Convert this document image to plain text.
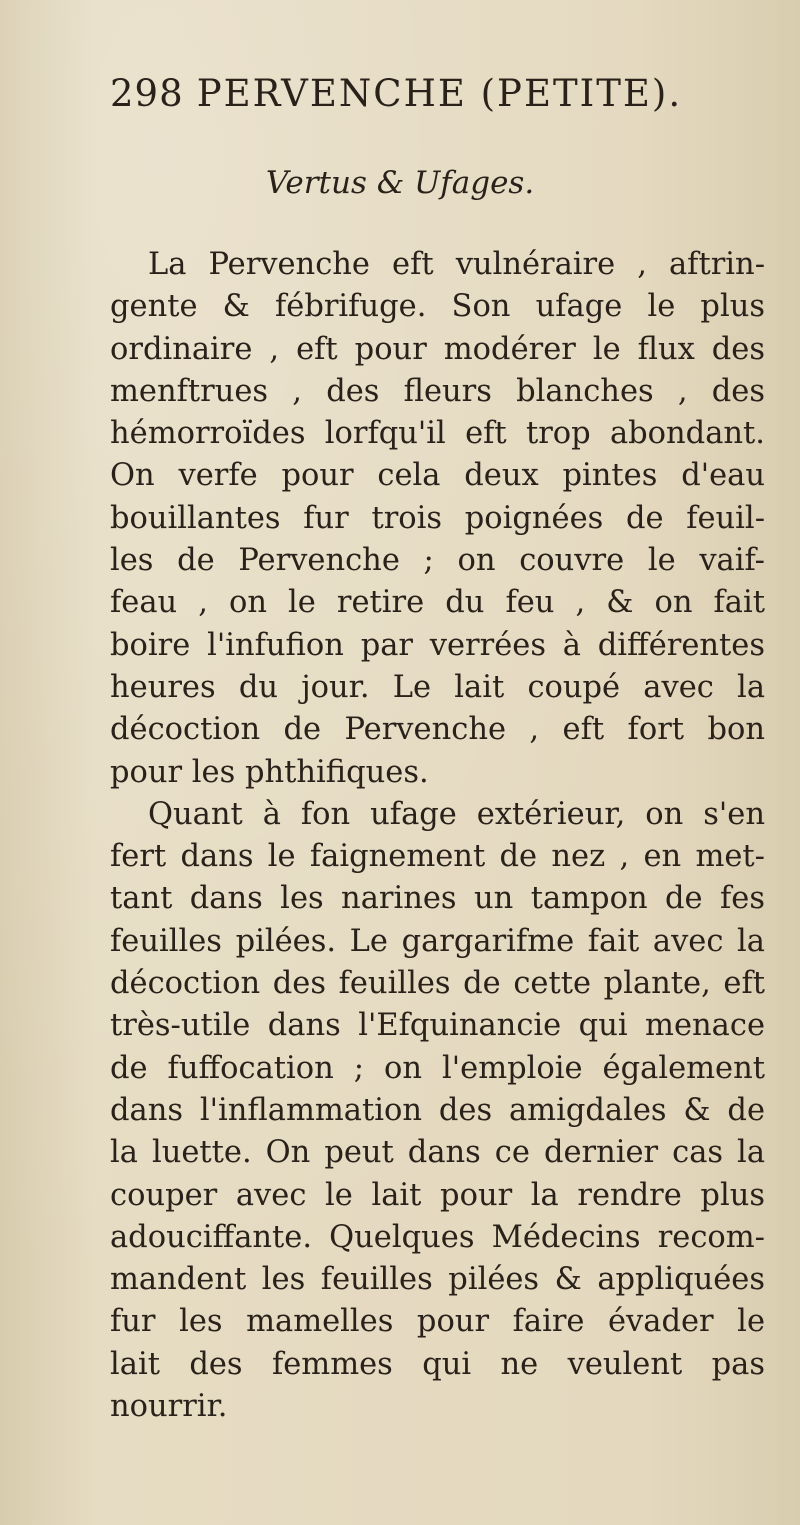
298 PERVENCHE (PETITE).
Vertus & Ufages.
La Pervenche eft vulnéraire , aftrin-
gente & fébrifuge. Son ufage le plus
ordinaire , eft pour modérer le flux des
menftrues , des fleurs blanches , des
hémorroïdes lorfqu'il eft trop abondant.
On verfe pour cela deux pintes d'eau
bouillantes fur trois poignées de feuil-
les de Pervenche ; on couvre le vaif-
feau , on le retire du feu , & on fait
boire l'infufion par verrées à différentes
heures du jour. Le lait coupé avec la
décoction de Pervenche , eft fort bon
pour les phthifiques.
Quant à fon ufage extérieur, on s'en
fert dans le faignement de nez , en met-
tant dans les narines un tampon de fes
feuilles pilées. Le gargarifme fait avec la
décoction des feuilles de cette plante, eft
très-utile dans l'Efquinancie qui menace
de fuffocation ; on l'emploie également
dans l'inflammation des amigdales & de
la luette. On peut dans ce dernier cas la
couper avec le lait pour la rendre plus
adouciffante. Quelques Médecins recom-
mandent les feuilles pilées & appliquées
fur les mamelles pour faire évader le
lait des femmes qui ne veulent pas
nourrir.
